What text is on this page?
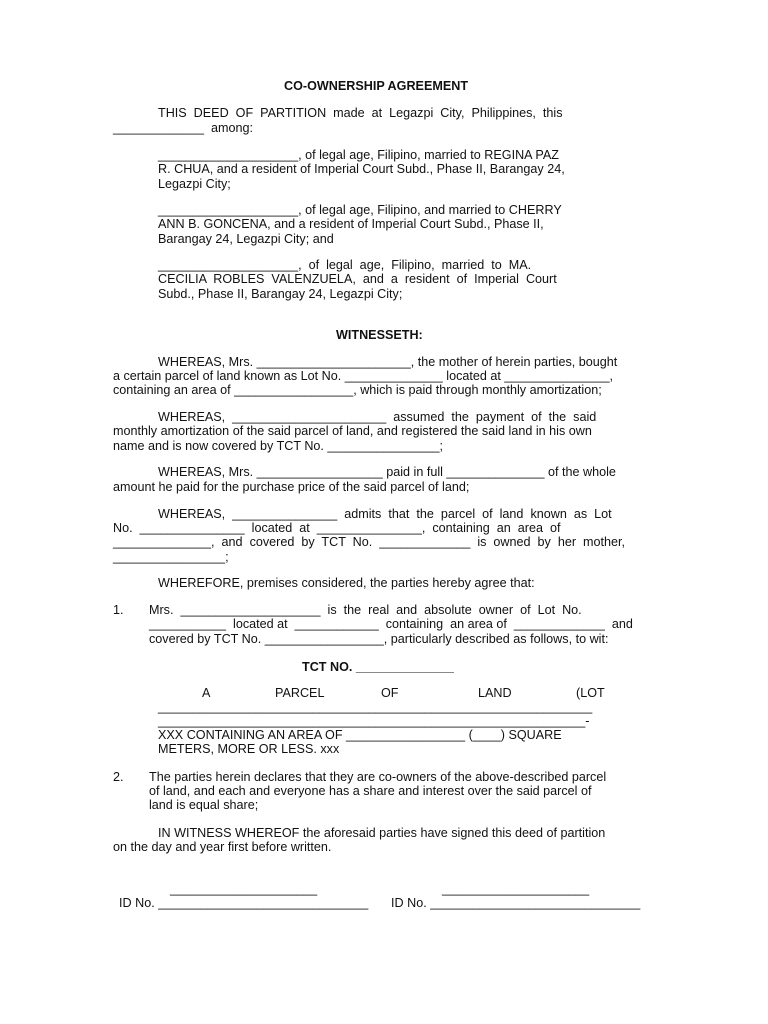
CO-OWNERSHIP AGREEMENT
THIS  DEED  OF  PARTITION  made  at  Legazpi  City,  Philippines,  this
_____________  among:
____________________, of legal age, Filipino, married to REGINA PAZ
R. CHUA, and a resident of Imperial Court Subd., Phase II, Barangay 24,
Legazpi City;
____________________, of legal age, Filipino, and married to CHERRY
ANN B. GONCENA, and a resident of Imperial Court Subd., Phase II,
Barangay 24, Legazpi City; and
____________________,  of  legal  age,  Filipino,  married  to  MA.
CECILIA  ROBLES  VALENZUELA,  and  a  resident  of  Imperial  Court
Subd., Phase II, Barangay 24, Legazpi City;
WITNESSETH:
WHEREAS, Mrs. ______________________, the mother of herein parties, bought
a certain parcel of land known as Lot No. ______________ located at _______________,
containing an area of _________________, which is paid through monthly amortization;
WHEREAS,  ______________________  assumed  the  payment  of  the  said
monthly amortization of the said parcel of land, and registered the said land in his own
name and is now covered by TCT No. ________________;
WHEREAS, Mrs. __________________ paid in full ______________ of the whole
amount he paid for the purchase price of the said parcel of land;
WHEREAS,  _______________  admits  that  the  parcel  of  land  known  as  Lot
No.  _______________  located  at  _______________,  containing  an  area  of
______________,  and  covered  by  TCT  No.  _____________  is  owned  by  her  mother,
________________;
WHEREFORE, premises considered, the parties hereby agree that:
1. Mrs.  ____________________  is  the  real  and  absolute  owner  of  Lot  No.
___________  located at  ____________  containing  an area of  _____________  and
covered by TCT No. _________________, particularly described as follows, to wit:
TCT NO. ______________
A	PARCEL	OF	LAND	(LOT
______________________________________________________________
_____________________________________________________________-
XXX CONTAINING AN AREA OF _________________ (____) SQUARE
METERS, MORE OR LESS. xxx
2. The parties herein declares that they are co-owners of the above-described parcel
of land, and each and everyone has a share and interest over the said parcel of
land is equal share;
IN WITNESS WHEREOF the aforesaid parties have signed this deed of partition
on the day and year first before written.
_____________________	_____________________
ID No. ______________________________ ID No. ______________________________
